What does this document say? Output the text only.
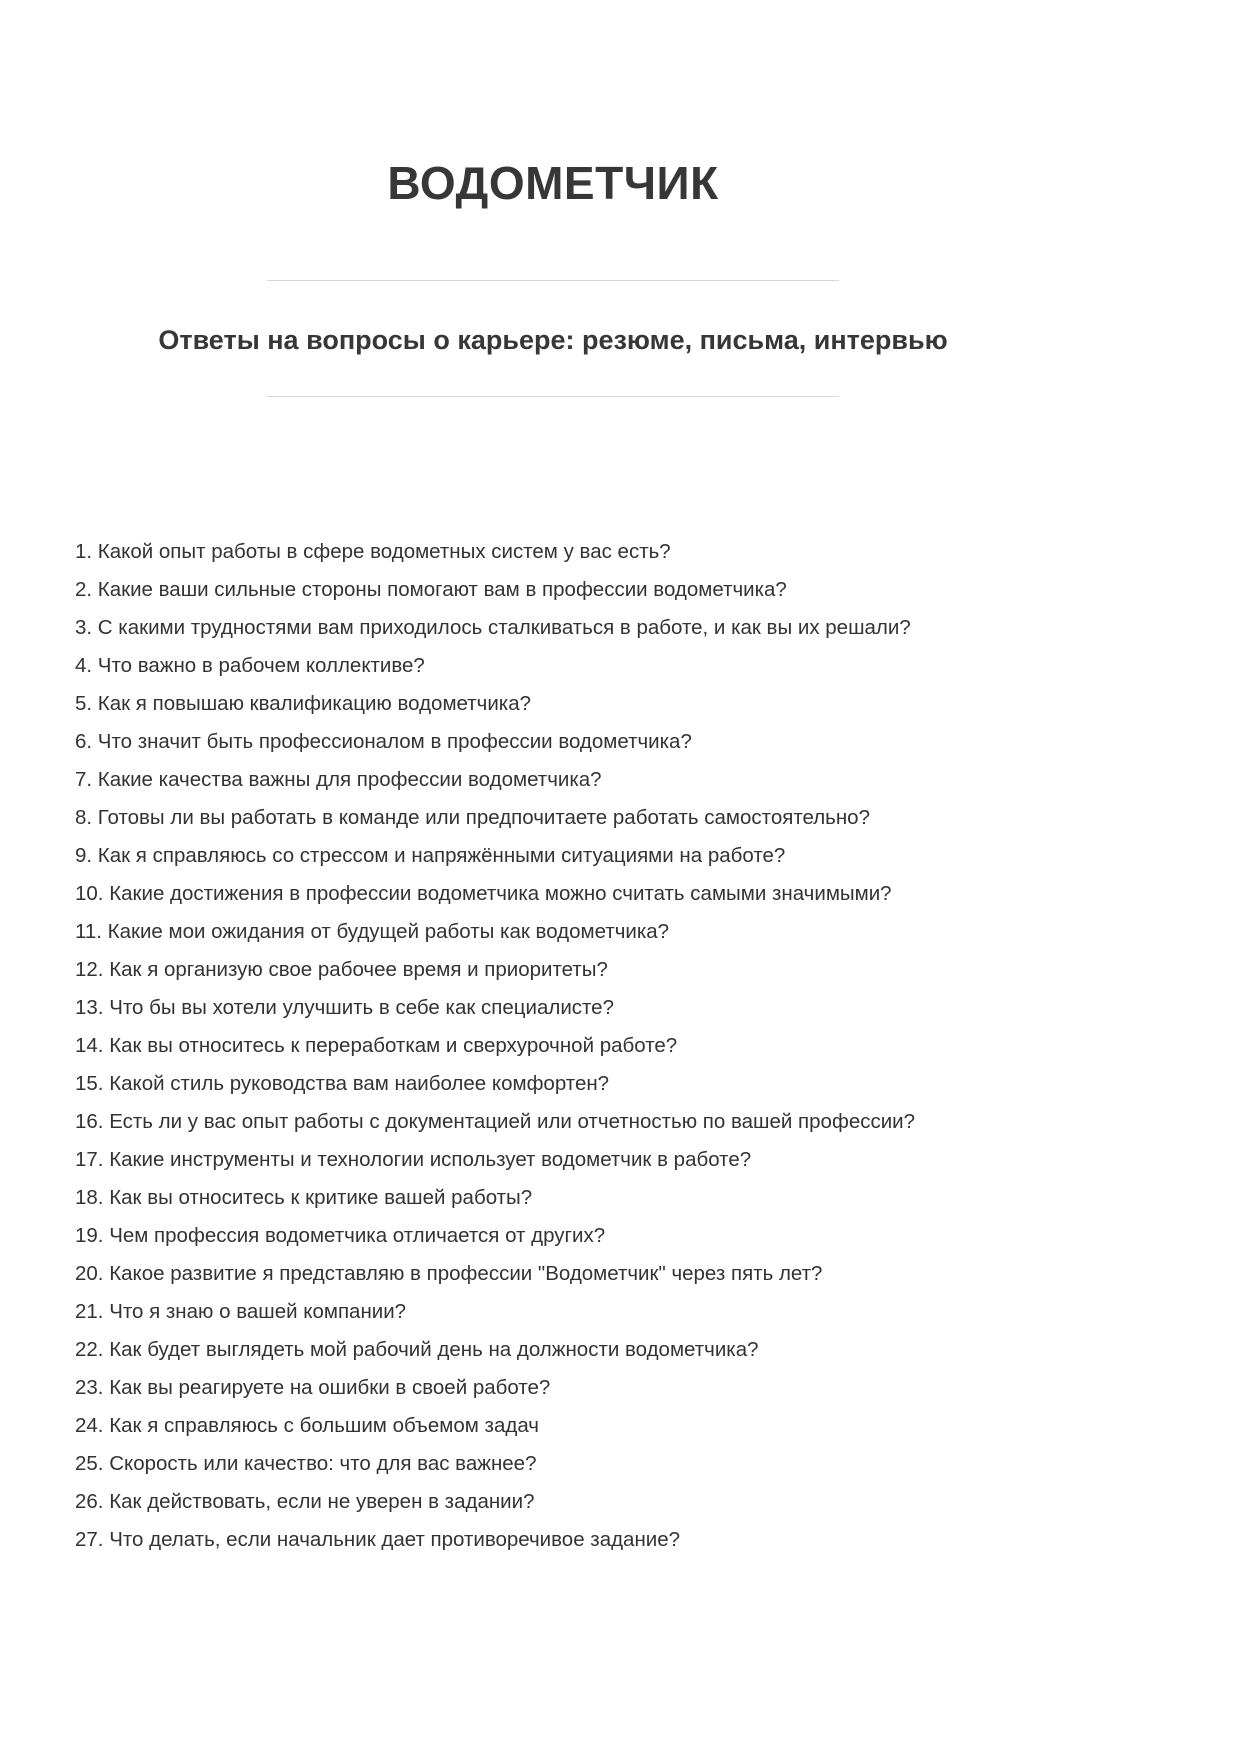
ВОДОМЕТЧИК
Ответы на вопросы о карьере: резюме, письма, интервью
1. Какой опыт работы в сфере водометных систем у вас есть?
2. Какие ваши сильные стороны помогают вам в профессии водометчика?
3. С какими трудностями вам приходилось сталкиваться в работе, и как вы их решали?
4. Что важно в рабочем коллективе?
5. Как я повышаю квалификацию водометчика?
6. Что значит быть профессионалом в профессии водометчика?
7. Какие качества важны для профессии водометчика?
8. Готовы ли вы работать в команде или предпочитаете работать самостоятельно?
9. Как я справляюсь со стрессом и напряжёнными ситуациями на работе?
10. Какие достижения в профессии водометчика можно считать самыми значимыми?
11. Какие мои ожидания от будущей работы как водометчика?
12. Как я организую свое рабочее время и приоритеты?
13. Что бы вы хотели улучшить в себе как специалисте?
14. Как вы относитесь к переработкам и сверхурочной работе?
15. Какой стиль руководства вам наиболее комфортен?
16. Есть ли у вас опыт работы с документацией или отчетностью по вашей профессии?
17. Какие инструменты и технологии использует водометчик в работе?
18. Как вы относитесь к критике вашей работы?
19. Чем профессия водометчика отличается от других?
20. Какое развитие я представляю в профессии "Водометчик" через пять лет?
21. Что я знаю о вашей компании?
22. Как будет выглядеть мой рабочий день на должности водометчика?
23. Как вы реагируете на ошибки в своей работе?
24. Как я справляюсь с большим объемом задач
25. Скорость или качество: что для вас важнее?
26. Как действовать, если не уверен в задании?
27. Что делать, если начальник дает противоречивое задание?
